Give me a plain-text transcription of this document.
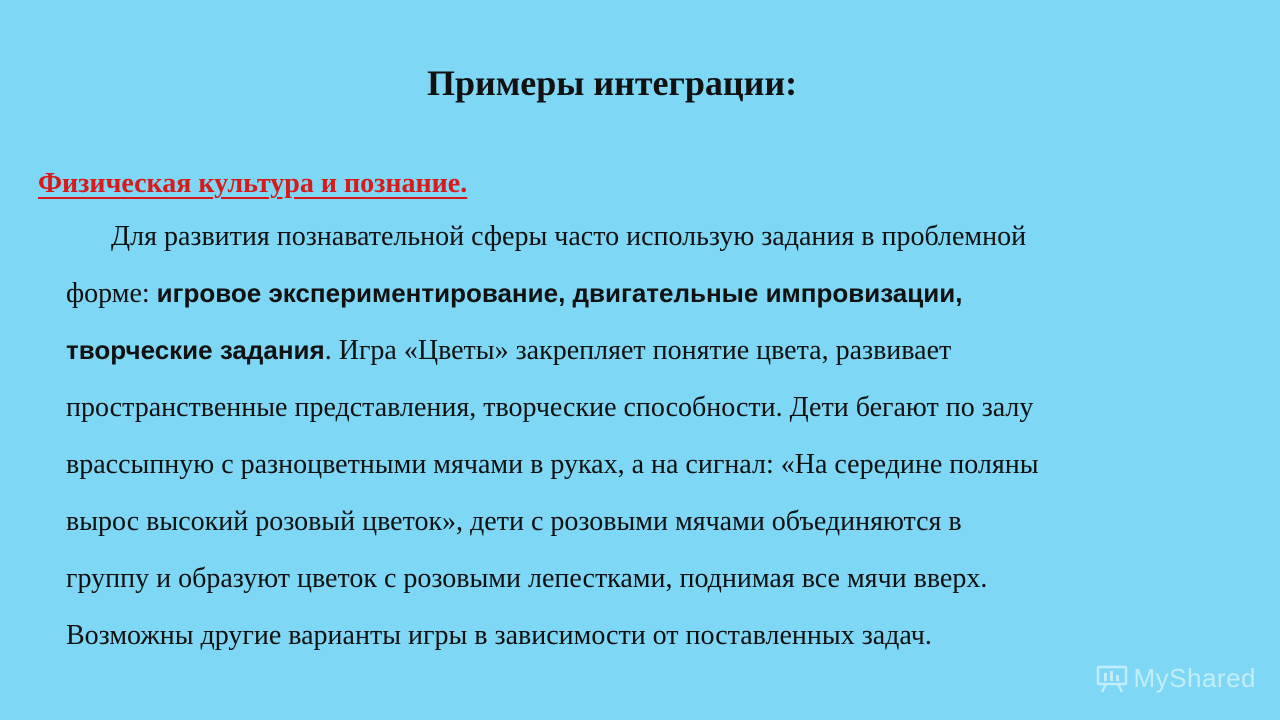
Примеры интеграции:
Физическая культура и познание.
Для развития познавательной сферы часто использую задания в проблемной
форме: игровое экспериментирование, двигательные импровизации,
творческие задания. Игра «Цветы» закрепляет понятие цвета, развивает
пространственные представления, творческие способности. Дети бегают по залу
врассыпную с разноцветными мячами в руках, а на сигнал: «На середине поляны
вырос высокий розовый цветок», дети с розовыми мячами объединяются в
группу и образуют цветок с розовыми лепестками, поднимая все мячи вверх.
Возможны другие варианты игры в зависимости от поставленных задач.
MyShared
